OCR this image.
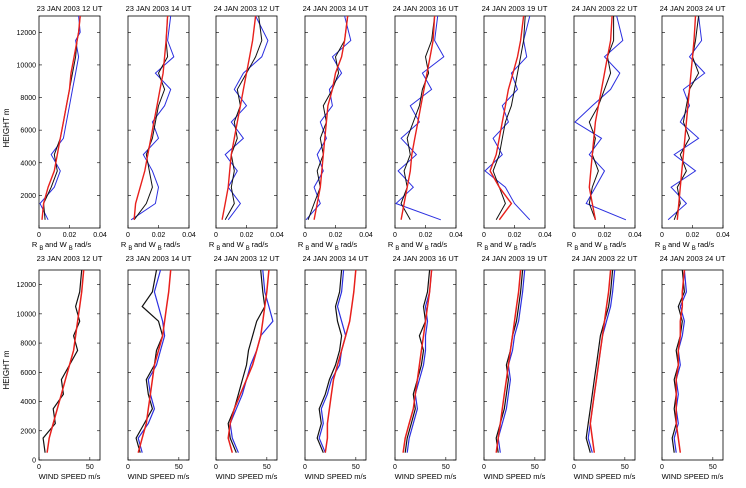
23 JAN 2003 12 UT
2000
4000
6000
8000
10000
12000
0	0.02 0.04
R $_B$ and W $_B$ rad/s
23 JAN 2003 14 UT
0	0.02 0.04
R $_B$ and W $_B$ rad/s
24 JAN 2003 12 UT
0	0.02 0.04
R $_B$ and W $_B$ rad/s
24 JAN 2003 14 UT
0	0.02 0.04
R $_B$ and W $_B$ rad/s
24 JAN 2003 16 UT
0	0.02 0.04
R $_B$ and W $_B$ rad/s
24 JAN 2003 19 UT
0	0.02 0.04
R $_B$ and W $_B$ rad/s
24 JAN 2003 22 UT
0	0.02 0.04
R $_B$ and W $_B$ rad/s
24 JAN 2003 24 UT
0	0.02 0.04
R $_B$ and W $_B$ rad/s
23 JAN 2003 12 UT
0
2000
4000
6000
8000
10000
12000
0	50
WIND SPEED m/s
23 JAN 2003 14 UT
0	50
WIND SPEED m/s
24 JAN 2003 12 UT
0	50
WIND SPEED m/s
24 JAN 2003 14 UT
0	50
WIND SPEED m/s
24 JAN 2003 16 UT
0	50
WIND SPEED m/s
24 JAN 2003 19 UT
0	50
WIND SPEED m/s
24 JAN 2003 22 UT
0	50
WIND SPEED m/s
24 JAN 2003 24 UT
0	50
WIND SPEED m/s
HEIGHT m
HEIGHT m
